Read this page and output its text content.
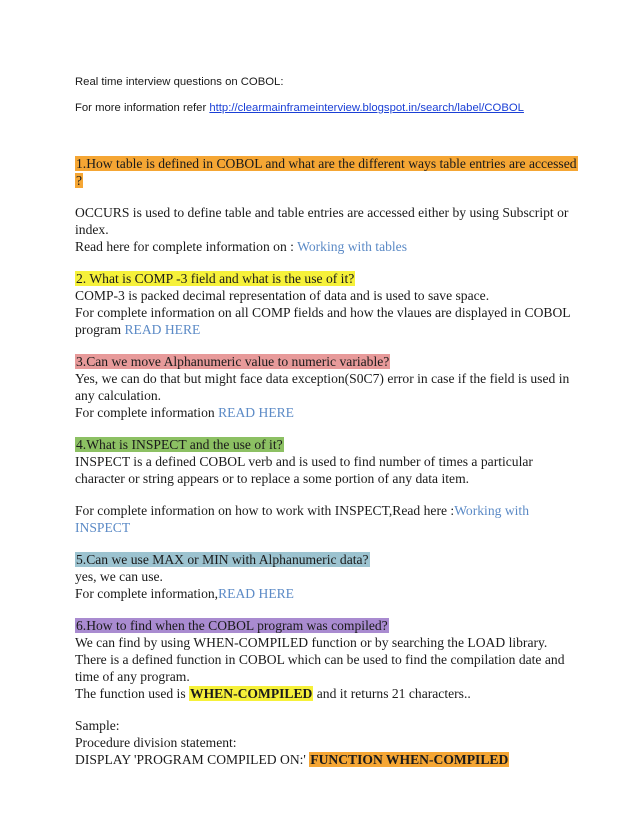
Real time interview questions on COBOL:
For more information refer http://clearmainframeinterview.blogspot.in/search/label/COBOL
1.How table is defined in COBOL and what are the different ways table entries are accessed
?
OCCURS is used to define table and table entries are accessed either by using Subscript or
index.
Read here for complete information on : Working with tables
2. What is COMP -3 field and what is the use of it?
COMP-3 is packed decimal representation of data and is used to save space.
For complete information on all COMP fields and how the vlaues are displayed in COBOL
program READ HERE
3.Can we move Alphanumeric value to numeric variable?
Yes, we can do that but might face data exception(S0C7) error in case if the field is used in
any calculation.
For complete information READ HERE
4.What is INSPECT and the use of it?
INSPECT is a defined COBOL verb and is used to find number of times a particular
character or string appears or to replace a some portion of any data item.
For complete information on how to work with INSPECT,Read here :Working with
INSPECT
5.Can we use MAX or MIN with Alphanumeric data?
yes, we can use.
For complete information,READ HERE
6.How to find when the COBOL program was compiled?
We can find by using WHEN-COMPILED function or by searching the LOAD library.
There is a defined function in COBOL which can be used to find the compilation date and
time of any program.
The function used is WHEN-COMPILED and it returns 21 characters..
Sample:
Procedure division statement:
DISPLAY 'PROGRAM COMPILED ON:' FUNCTION WHEN-COMPILED
